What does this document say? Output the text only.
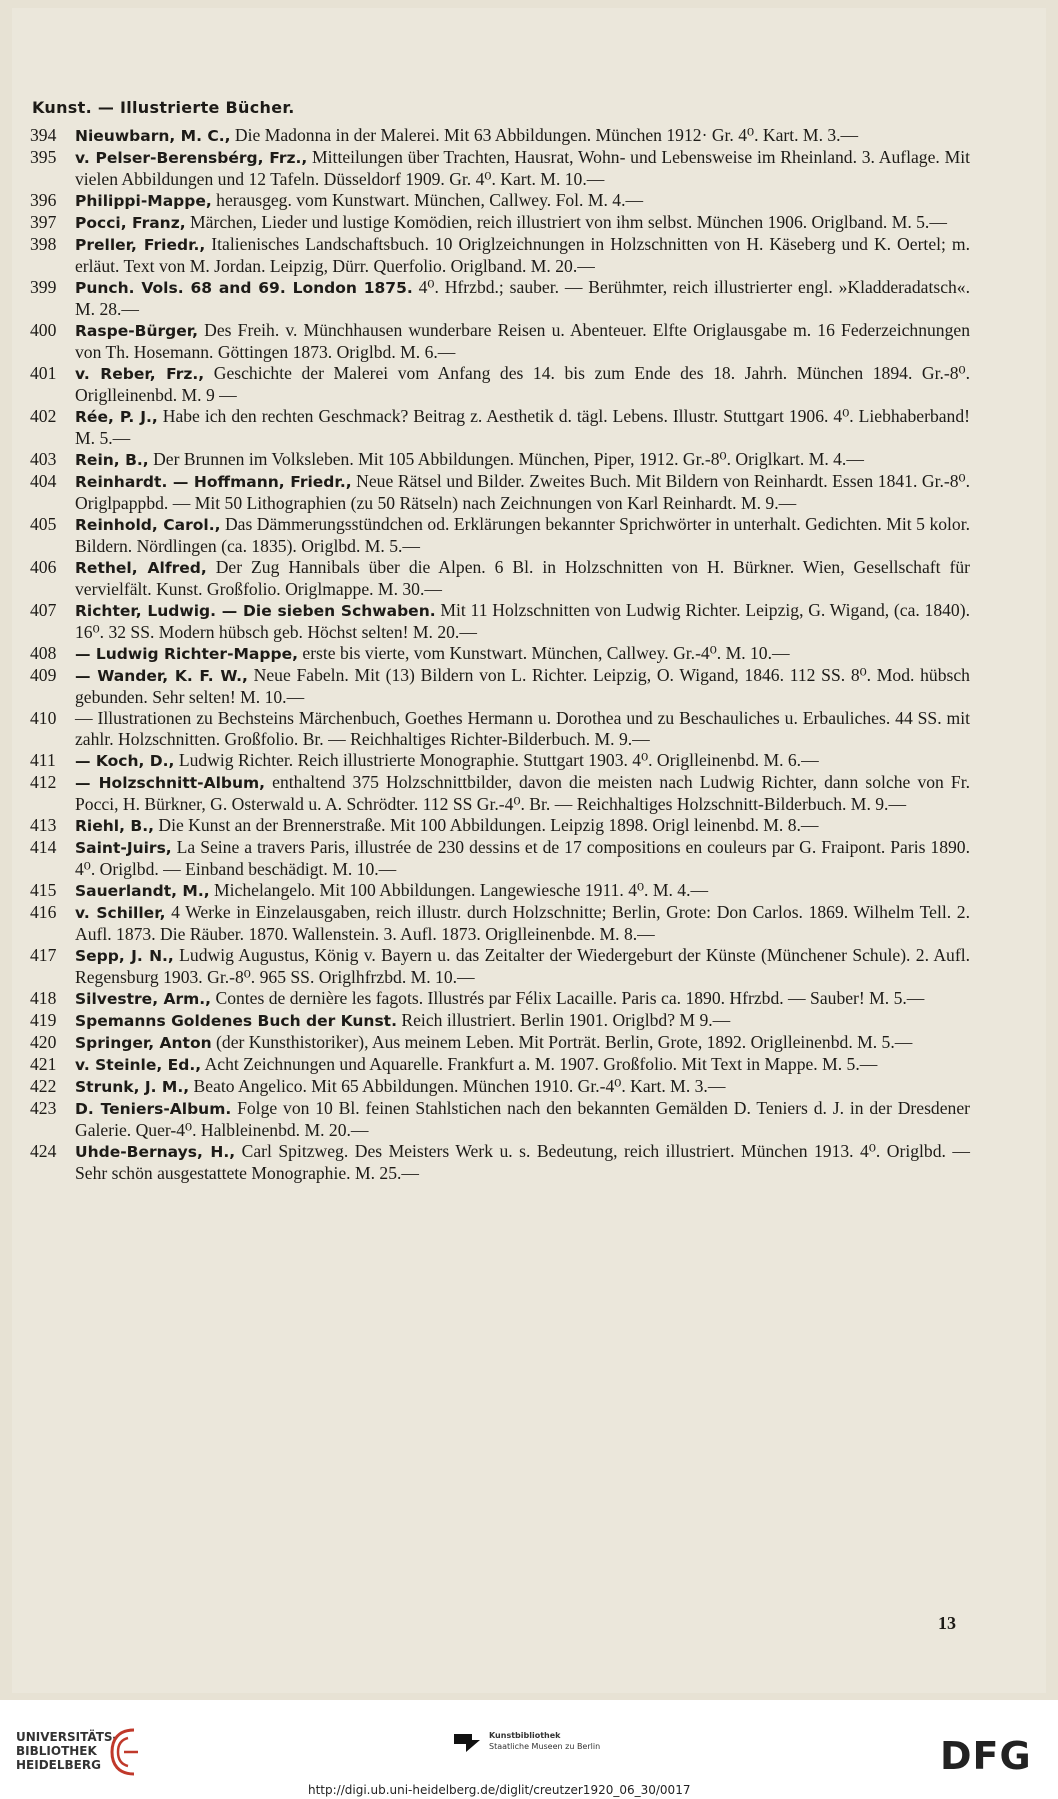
Kunst. — Illustrierte Bücher.
394	Nieuwbarn, M. C., Die Madonna in der Malerei. Mit 63 Abbildungen. München 1912· Gr. 4⁰. Kart. M. 3.—
395	v. Pelser-Berensbérg, Frz., Mitteilungen über Trachten, Hausrat, Wohn- und Lebensweise im Rheinland. 3. Auflage. Mit vielen Abbildungen und 12 Tafeln. Düsseldorf 1909. Gr. 4⁰. Kart. M. 10.—
396	Philippi-Mappe, herausgeg. vom Kunstwart. München, Callwey. Fol. M. 4.—
397	Pocci, Franz, Märchen, Lieder und lustige Komödien, reich illustriert von ihm selbst. München 1906. Origlband. M. 5.—
398	Preller, Friedr., Italienisches Landschaftsbuch. 10 Origlzeichnungen in Holzschnitten von H. Käseberg und K. Oertel; m. erläut. Text von M. Jordan. Leipzig, Dürr. Querfolio. Origlband. M. 20.—
399	Punch. Vols. 68 and 69. London 1875. 4⁰. Hfrzbd.; sauber. — Berühmter, reich illustrierter engl. »Kladderadatsch«. M. 28.—
400	Raspe-Bürger, Des Freih. v. Münchhausen wunderbare Reisen u. Abenteuer. Elfte Origlausgabe m. 16 Federzeichnungen von Th. Hosemann. Göttingen 1873. Origlbd. M. 6.—
401	v. Reber, Frz., Geschichte der Malerei vom Anfang des 14. bis zum Ende des 18. Jahrh. München 1894. Gr.-8⁰. Origlleinenbd. M. 9 —
402	Rée, P. J., Habe ich den rechten Geschmack? Beitrag z. Aesthetik d. tägl. Lebens. Illustr. Stuttgart 1906. 4⁰. Liebhaberband! M. 5.—
403	Rein, B., Der Brunnen im Volksleben. Mit 105 Abbildungen. München, Piper, 1912. Gr.-8⁰. Origlkart. M. 4.—
404	Reinhardt. — Hoffmann, Friedr., Neue Rätsel und Bilder. Zweites Buch. Mit Bildern von Reinhardt. Essen 1841. Gr.-8⁰. Origlpappbd. — Mit 50 Lithographien (zu 50 Rätseln) nach Zeichnungen von Karl Reinhardt. M. 9.—
405	Reinhold, Carol., Das Dämmerungsstündchen od. Erklärungen bekannter Sprichwörter in unterhalt. Gedichten. Mit 5 kolor. Bildern. Nördlingen (ca. 1835). Origlbd. M. 5.—
406	Rethel, Alfred, Der Zug Hannibals über die Alpen. 6 Bl. in Holzschnitten von H. Bürkner. Wien, Gesellschaft für vervielfält. Kunst. Großfolio. Origlmappe. M. 30.—
407	Richter, Ludwig. — Die sieben Schwaben. Mit 11 Holzschnitten von Ludwig Richter. Leipzig, G. Wigand, (ca. 1840). 16⁰. 32 SS. Modern hübsch geb. Höchst selten! M. 20.—
408	— Ludwig Richter-Mappe, erste bis vierte, vom Kunstwart. München, Callwey. Gr.-4⁰. M. 10.—
409	— Wander, K. F. W., Neue Fabeln. Mit (13) Bildern von L. Richter. Leipzig, O. Wigand, 1846. 112 SS. 8⁰. Mod. hübsch gebunden. Sehr selten! M. 10.—
410	— Illustrationen zu Bechsteins Märchenbuch, Goethes Hermann u. Dorothea und zu Beschauliches u. Erbauliches. 44 SS. mit zahlr. Holzschnitten. Großfolio. Br. — Reichhaltiges Richter-Bilderbuch. M. 9.—
411	— Koch, D., Ludwig Richter. Reich illustrierte Monographie. Stuttgart 1903. 4⁰. Origlleinenbd. M. 6.—
412	— Holzschnitt-Album, enthaltend 375 Holzschnittbilder, davon die meisten nach Ludwig Richter, dann solche von Fr. Pocci, H. Bürkner, G. Osterwald u. A. Schrödter. 112 SS Gr.-4⁰. Br. — Reichhaltiges Holzschnitt-Bilderbuch. M. 9.—
413	Riehl, B., Die Kunst an der Brennerstraße. Mit 100 Abbildungen. Leipzig 1898. Origl leinenbd. M. 8.—
414	Saint-Juirs, La Seine a travers Paris, illustrée de 230 dessins et de 17 compositions en couleurs par G. Fraipont. Paris 1890. 4⁰. Origlbd. — Einband beschädigt. M. 10.—
415	Sauerlandt, M., Michelangelo. Mit 100 Abbildungen. Langewiesche 1911. 4⁰. M. 4.—
416	v. Schiller, 4 Werke in Einzelausgaben, reich illustr. durch Holzschnitte; Berlin, Grote: Don Carlos. 1869. Wilhelm Tell. 2. Aufl. 1873. Die Räuber. 1870. Wallenstein. 3. Aufl. 1873. Origlleinenbde. M. 8.—
417	Sepp, J. N., Ludwig Augustus, König v. Bayern u. das Zeitalter der Wiedergeburt der Künste (Münchener Schule). 2. Aufl. Regensburg 1903. Gr.-8⁰. 965 SS. Origlhfrzbd. M. 10.—
418	Silvestre, Arm., Contes de dernière les fagots. Illustrés par Félix Lacaille. Paris ca. 1890. Hfrzbd. — Sauber! M. 5.—
419	Spemanns Goldenes Buch der Kunst. Reich illustriert. Berlin 1901. Origlbd? M 9.—
420	Springer, Anton (der Kunsthistoriker), Aus meinem Leben. Mit Porträt. Berlin, Grote, 1892. Origlleinenbd. M. 5.—
421	v. Steinle, Ed., Acht Zeichnungen und Aquarelle. Frankfurt a. M. 1907. Großfolio. Mit Text in Mappe. M. 5.—
422	Strunk, J. M., Beato Angelico. Mit 65 Abbildungen. München 1910. Gr.-4⁰. Kart. M. 3.—
423	D. Teniers-Album. Folge von 10 Bl. feinen Stahlstichen nach den bekannten Gemälden D. Teniers d. J. in der Dresdener Galerie. Quer-4⁰. Halbleinenbd. M. 20.—
424	Uhde-Bernays, H., Carl Spitzweg. Des Meisters Werk u. s. Bedeutung, reich illustriert. München 1913. 4⁰. Origlbd. — Sehr schön ausgestattete Monographie. M. 25.—
13
UNIVERSITÄTS-
BIBLIOTHEK
HEIDELBERG
Kunstbibliothek
Staatliche Museen zu Berlin	DFG
http://digi.ub.uni-heidelberg.de/diglit/creutzer1920_06_30/0017
